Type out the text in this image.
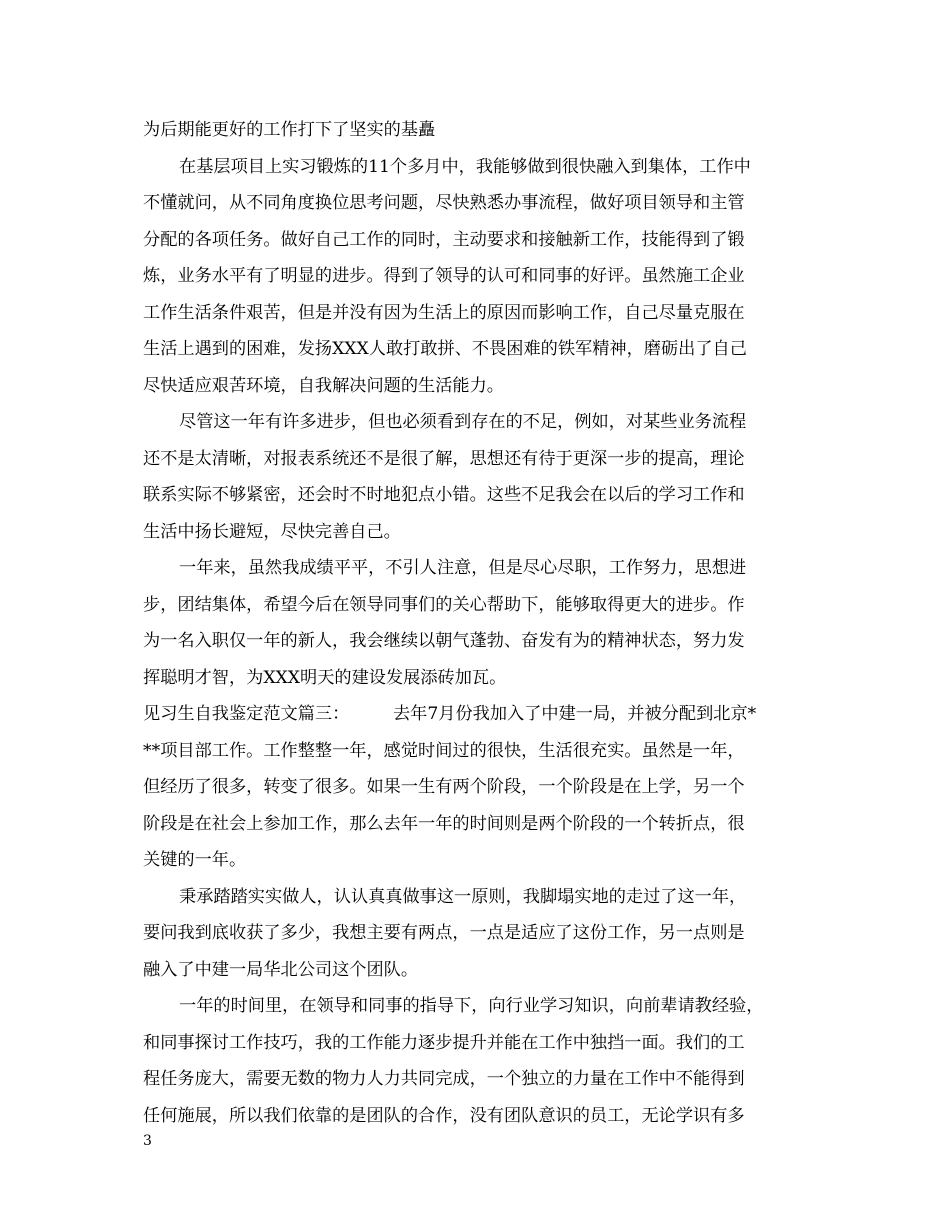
为后期能更好的工作打下了坚实的基矗
在基层项目上实习锻炼的11个多月中，我能够做到很快融入到集体，工作中
不懂就问，从不同角度换位思考问题，尽快熟悉办事流程，做好项目领导和主管
分配的各项任务。做好自己工作的同时，主动要求和接触新工作，技能得到了锻
炼，业务水平有了明显的进步。得到了领导的认可和同事的好评。虽然施工企业
工作生活条件艰苦，但是并没有因为生活上的原因而影响工作，自己尽量克服在
生活上遇到的困难，发扬XXX人敢打敢拼、不畏困难的铁军精神，磨砺出了自己
尽快适应艰苦环境，自我解决问题的生活能力。
尽管这一年有许多进步，但也必须看到存在的不足，例如，对某些业务流程
还不是太清晰，对报表系统还不是很了解，思想还有待于更深一步的提高，理论
联系实际不够紧密，还会时不时地犯点小错。这些不足我会在以后的学习工作和
生活中扬长避短，尽快完善自己。
一年来，虽然我成绩平平，不引人注意，但是尽心尽职，工作努力，思想进
步，团结集体，希望今后在领导同事们的关心帮助下，能够取得更大的进步。作
为一名入职仅一年的新人，我会继续以朝气蓬勃、奋发有为的精神状态，努力发
挥聪明才智，为XXX明天的建设发展添砖加瓦。
见习生自我鉴定范文篇三：        去年7月份我加入了中建一局，并被分配到北京*
**项目部工作。工作整整一年，感觉时间过的很快，生活很充实。虽然是一年，
但经历了很多，转变了很多。如果一生有两个阶段，一个阶段是在上学，另一个
阶段是在社会上参加工作，那么去年一年的时间则是两个阶段的一个转折点，很
关键的一年。
秉承踏踏实实做人，认认真真做事这一原则，我脚塌实地的走过了这一年，
要问我到底收获了多少，我想主要有两点，一点是适应了这份工作，另一点则是
融入了中建一局华北公司这个团队。
一年的时间里，在领导和同事的指导下，向行业学习知识，向前辈请教经验，
和同事探讨工作技巧，我的工作能力逐步提升并能在工作中独挡一面。我们的工
程任务庞大，需要无数的物力人力共同完成，一个独立的力量在工作中不能得到
任何施展，所以我们依靠的是团队的合作，没有团队意识的员工，无论学识有多
3
